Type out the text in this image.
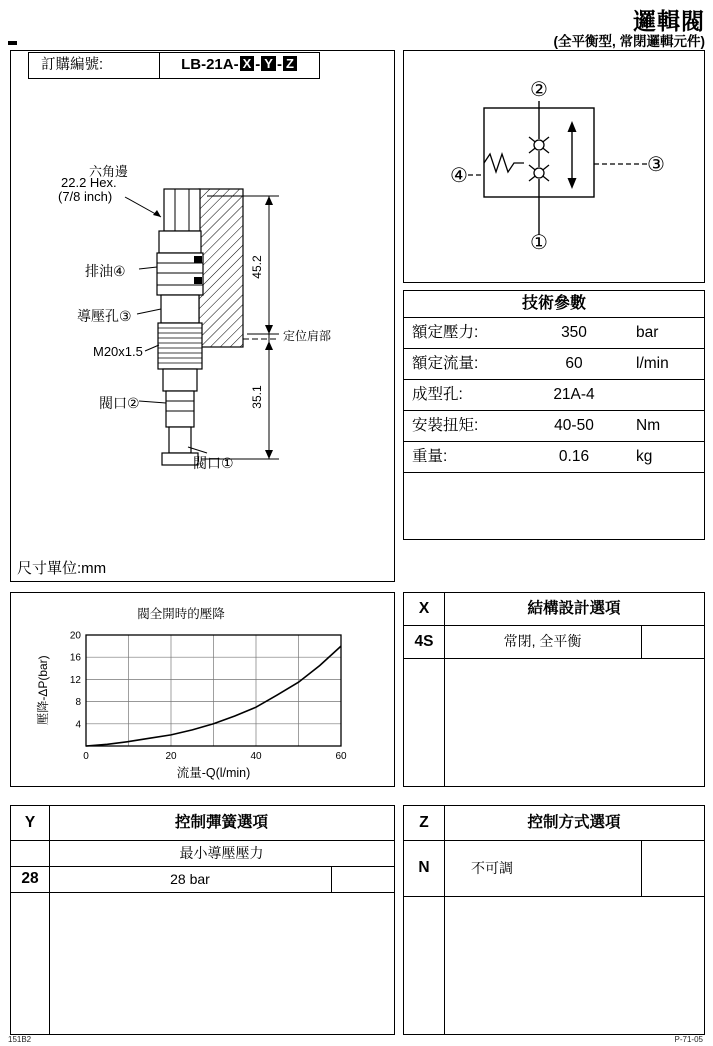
邏輯閥
(全平衡型, 常閉邏輯元件)
訂購編號:	LB-21A- X - Y - Z
45.2
35.1
六角邊
22.2 Hex.
(7/8 inch)
排油④
導壓孔③
M20x1.5
閥口②
閥口①
定位肩部
尺寸單位:mm
②
①
④	③
技術參數
額定壓力:	350	bar
額定流量:	60	l/min
成型孔:	21A-4
安裝扭矩:	40-50	Nm
重量:	0.16	kg
閥全開時的壓降
壓降-ΔP(bar)
4
8
12
16
20
0	20	40	60
流量-Q(l/min)
X	結構設計選項
4S	常閉, 全平衡
Y	控制彈簧選項
最小導壓壓力
28	28 bar
Z	控制方式選項
N	不可調
151B2	P-71-05
